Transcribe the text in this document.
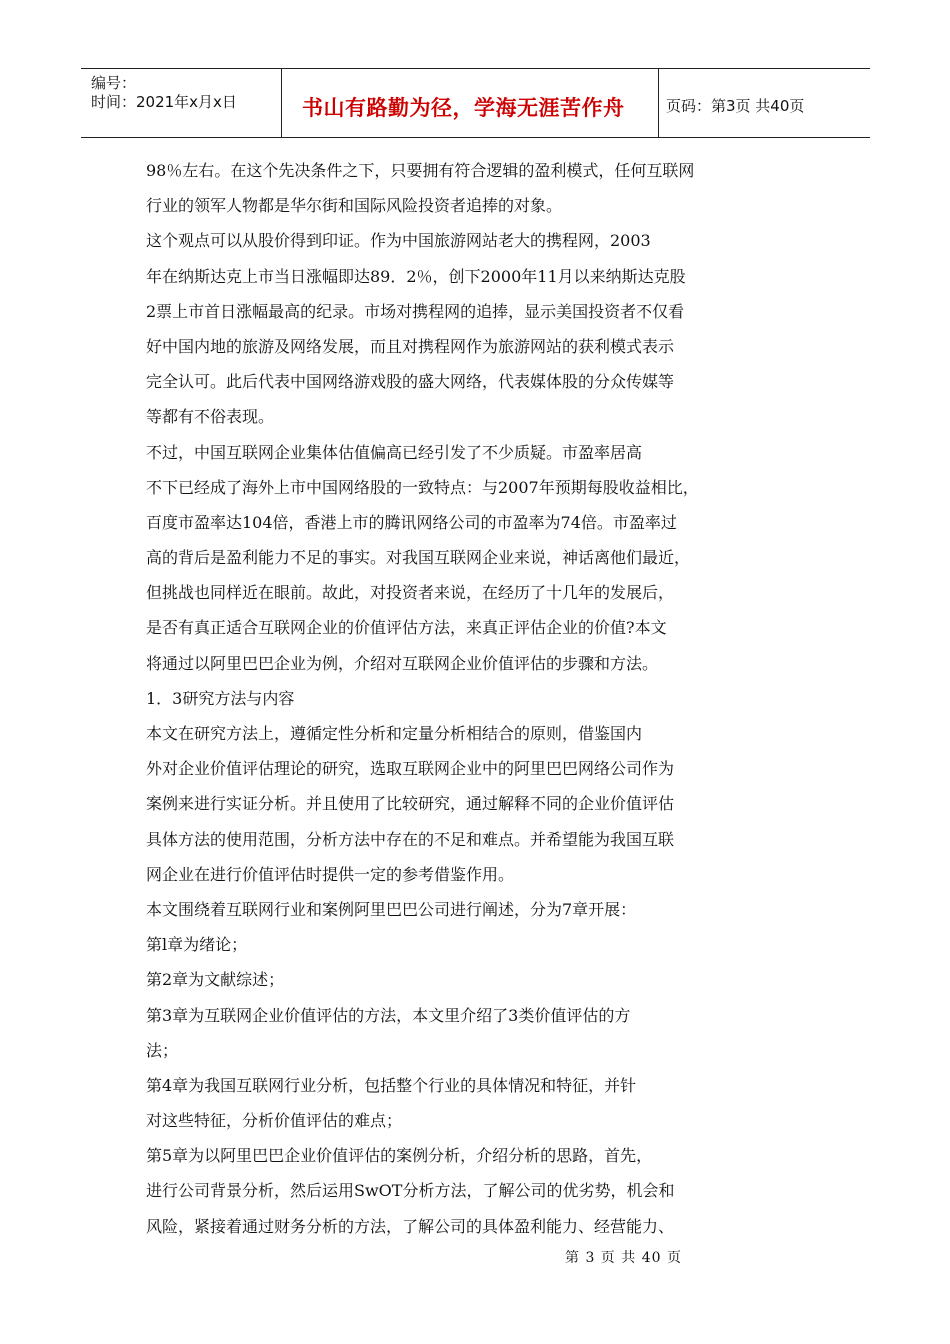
编号：
时间：2021年x月x日	书山有路勤为径，学海无涯苦作舟	页码：第3页 共40页
98％左右。在这个先决条件之下，只要拥有符合逻辑的盈利模式，任何互联网
行业的领军人物都是华尔街和国际风险投资者追捧的对象。
这个观点可以从股价得到印证。作为中国旅游网站老大的携程网，2003
年在纳斯达克上市当日涨幅即达89．2％，创下2000年11月以来纳斯达克股
2票上市首日涨幅最高的纪录。市场对携程网的追捧，显示美国投资者不仅看
好中国内地的旅游及网络发展，而且对携程网作为旅游网站的获利模式表示
完全认可。此后代表中国网络游戏股的盛大网络，代表媒体股的分众传媒等
等都有不俗表现。
不过，中国互联网企业集体估值偏高已经引发了不少质疑。市盈率居高
不下已经成了海外上市中国网络股的一致特点：与2007年预期每股收益相比，
百度市盈率达104倍，香港上市的腾讯网络公司的市盈率为74倍。市盈率过
高的背后是盈利能力不足的事实。对我国互联网企业来说，神话离他们最近，
但挑战也同样近在眼前。故此，对投资者来说，在经历了十几年的发展后，
是否有真正适合互联网企业的价值评估方法，来真正评估企业的价值?本文
将通过以阿里巴巴企业为例，介绍对互联网企业价值评估的步骤和方法。
1．3研究方法与内容
本文在研究方法上，遵循定性分析和定量分析相结合的原则，借鉴国内
外对企业价值评估理论的研究，选取互联网企业中的阿里巴巴网络公司作为
案例来进行实证分析。并且使用了比较研究，通过解释不同的企业价值评估
具体方法的使用范围，分析方法中存在的不足和难点。并希望能为我国互联
网企业在进行价值评估时提供一定的参考借鉴作用。
本文围绕着互联网行业和案例阿里巴巴公司进行阐述，分为7章开展：
第l章为绪论；
第2章为文献综述；
第3章为互联网企业价值评估的方法，本文里介绍了3类价值评估的方
法；
第4章为我国互联网行业分析，包括整个行业的具体情况和特征，并针
对这些特征，分析价值评估的难点；
第5章为以阿里巴巴企业价值评估的案例分析，介绍分析的思路，首先，
进行公司背景分析，然后运用SwOT分析方法，了解公司的优劣势，机会和
风险，紧接着通过财务分析的方法，了解公司的具体盈利能力、经营能力、
第 3 页 共 40 页
